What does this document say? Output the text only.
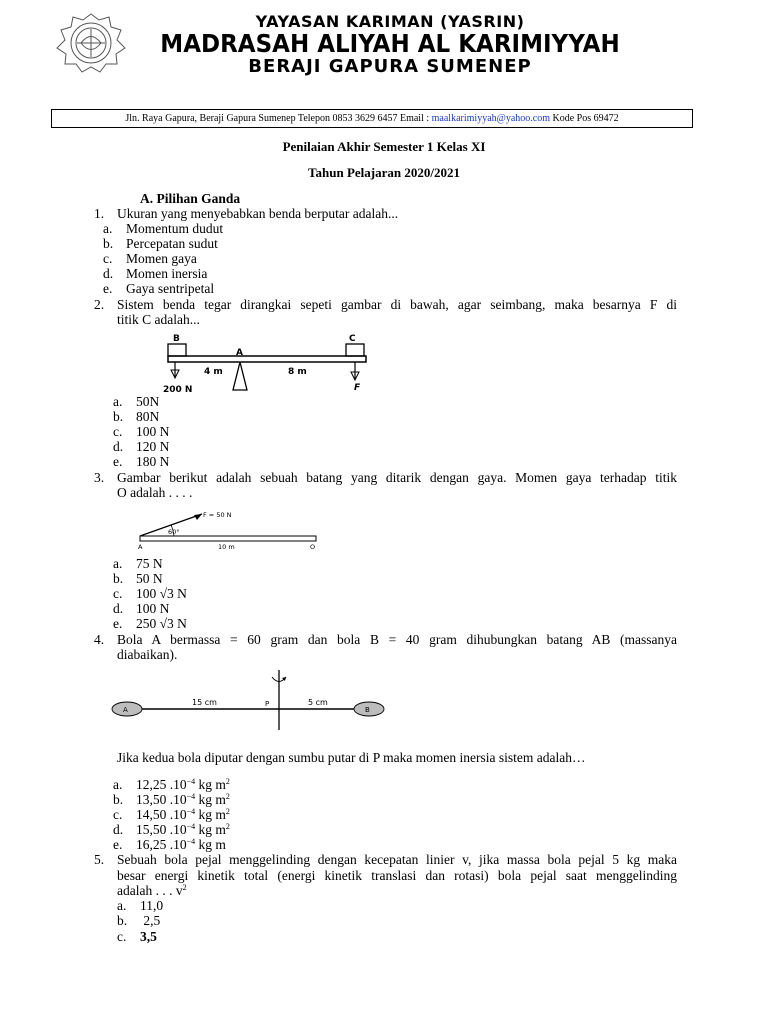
YAYASAN KARIMAN (YASRIN)
MADRASAH ALIYAH AL KARIMIYYAH
BERAJI GAPURA SUMENEP
Jln. Raya Gapura, Beraji Gapura Sumenep Telepon 0853 3629 6457 Email : maalkarimiyyah@yahoo.com Kode Pos 69472
Penilaian Akhir Semester 1 Kelas XI
Tahun Pelajaran 2020/2021
A. Pilihan Ganda
1. Ukuran yang menyebabkan benda berputar adalah...
a. Momentum dudut
b. Percepatan sudut
c. Momen gaya
d. Momen inersia
e. Gaya sentripetal
2. Sistem benda tegar dirangkai sepeti gambar di bawah, agar seimbang, maka besarnya F di
titik C adalah...
B
A
C
4 m	8 m
200 N	F
a. 50N
b. 80N
c. 100 N
d. 120 N
e. 180 N
3. Gambar berikut adalah sebuah batang yang ditarik dengan gaya. Momen gaya terhadap titik
O adalah . . . .
F = 50 N
60°
A	10 m	O
a. 75 N
b. 50 N
c. 100 √3 N
d. 100 N
e. 250 √3 N
4. Bola A bermassa = 60 gram dan bola B = 40 gram dihubungkan batang AB (massanya
diabaikan).
A
15 cm	P	5 cm
B
Jika kedua bola diputar dengan sumbu putar di P maka momen inersia sistem adalah…
a. 12,25 $.10^{-4}$ kg $m^2$
b. 13,50 $.10^{-4}$ kg $m^2$
c. 14,50 $.10^{-4}$ kg $m^2$
d. 15,50 $.10^{-4}$ kg $m^2$
e. 16,25 $.10^{-4}$ kg m
5. Sebuah bola pejal menggelinding dengan kecepatan linier v, jika massa bola pejal 5 kg maka
besar energi kinetik total (energi kinetik translasi dan rotasi) bola pejal saat menggelinding
adalah . . . $v^2$
a. 11,0
b. 2,5
c. 3,5
